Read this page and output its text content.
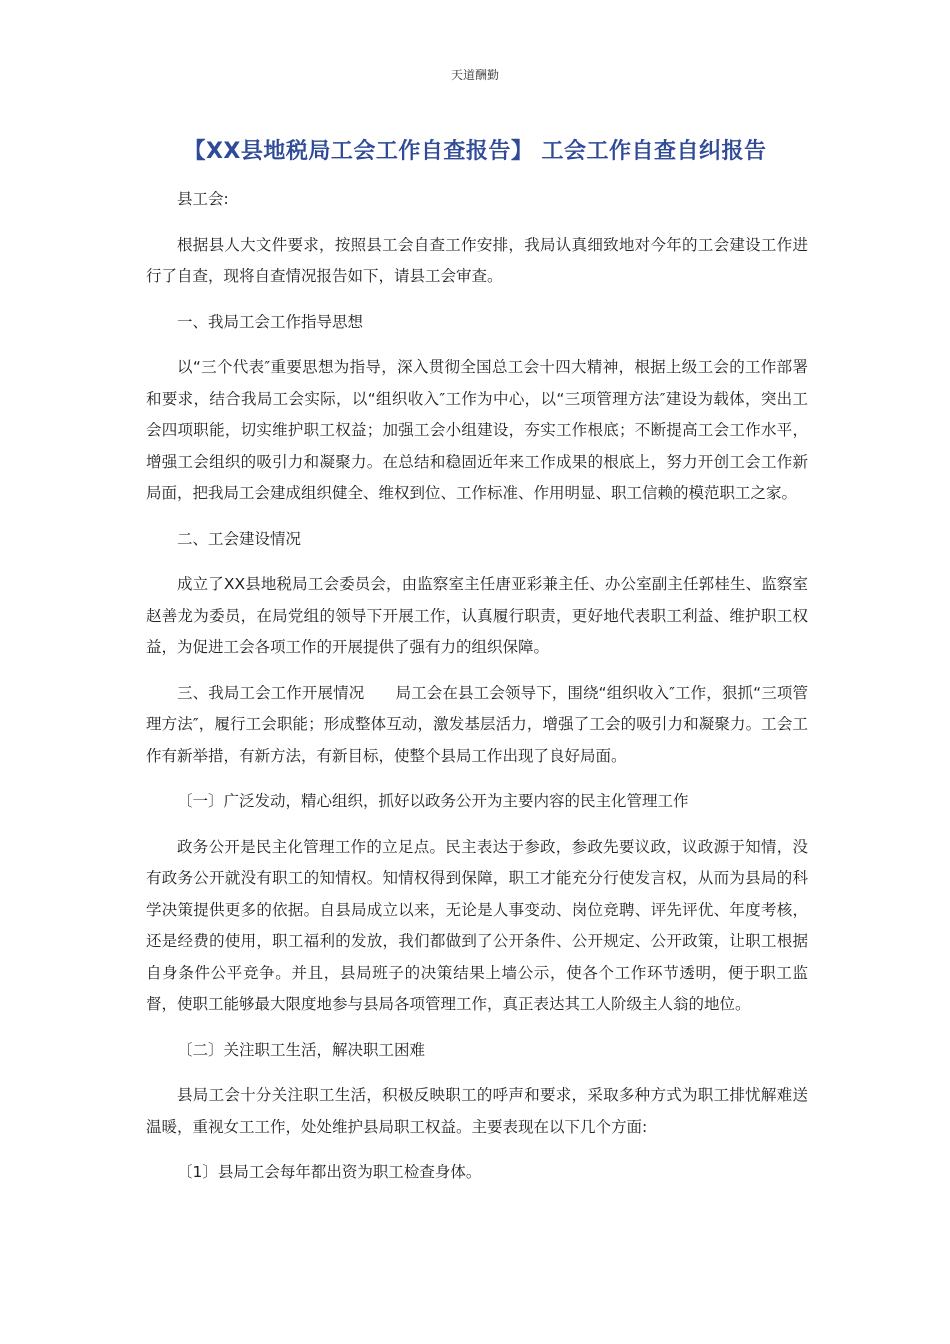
天道酬勤
【XX县地税局工会工作自查报告】 工会工作自查自纠报告

县工会:

根据县人大文件要求，按照县工会自查工作安排，我局认真细致地对今年的工会建设工作进行了自查，现将自查情况报告如下，请县工会审查。

一、我局工会工作指导思想

以“三个代表″重要思想为指导，深入贯彻全国总工会十四大精神，根据上级工会的工作部署和要求，结合我局工会实际，以“组织收入″工作为中心，以“三项管理方法″建设为载体，突出工会四项职能，切实维护职工权益；加强工会小组建设，夯实工作根底；不断提高工会工作水平，增强工会组织的吸引力和凝聚力。在总结和稳固近年来工作成果的根底上，努力开创工会工作新局面，把我局工会建成组织健全、维权到位、工作标准、作用明显、职工信赖的模范职工之家。

二、工会建设情况

成立了XX县地税局工会委员会，由监察室主任唐亚彩兼主任、办公室副主任郭桂生、监察室赵善龙为委员，在局党组的领导下开展工作，认真履行职责，更好地代表职工利益、维护职工权益，为促进工会各项工作的开展提供了强有力的组织保障。

三、我局工会工作开展情况　　局工会在县工会领导下，围绕“组织收入″工作，狠抓“三项管理方法″，履行工会职能；形成整体互动，激发基层活力，增强了工会的吸引力和凝聚力。工会工作有新举措，有新方法，有新目标，使整个县局工作出现了良好局面。

〔一〕广泛发动，精心组织，抓好以政务公开为主要内容的民主化管理工作

政务公开是民主化管理工作的立足点。民主表达于参政，参政先要议政，议政源于知情，没有政务公开就没有职工的知情权。知情权得到保障，职工才能充分行使发言权，从而为县局的科学决策提供更多的依据。自县局成立以来，无论是人事变动、岗位竞聘、评先评优、年度考核，还是经费的使用，职工福利的发放，我们都做到了公开条件、公开规定、公开政策，让职工根据自身条件公平竞争。并且，县局班子的决策结果上墙公示，使各个工作环节透明，便于职工监督，使职工能够最大限度地参与县局各项管理工作，真正表达其工人阶级主人翁的地位。

〔二〕关注职工生活，解决职工困难

县局工会十分关注职工生活，积极反映职工的呼声和要求，采取多种方式为职工排忧解难送温暖，重视女工工作，处处维护县局职工权益。主要表现在以下几个方面:

〔1〕县局工会每年都出资为职工检查身体。
